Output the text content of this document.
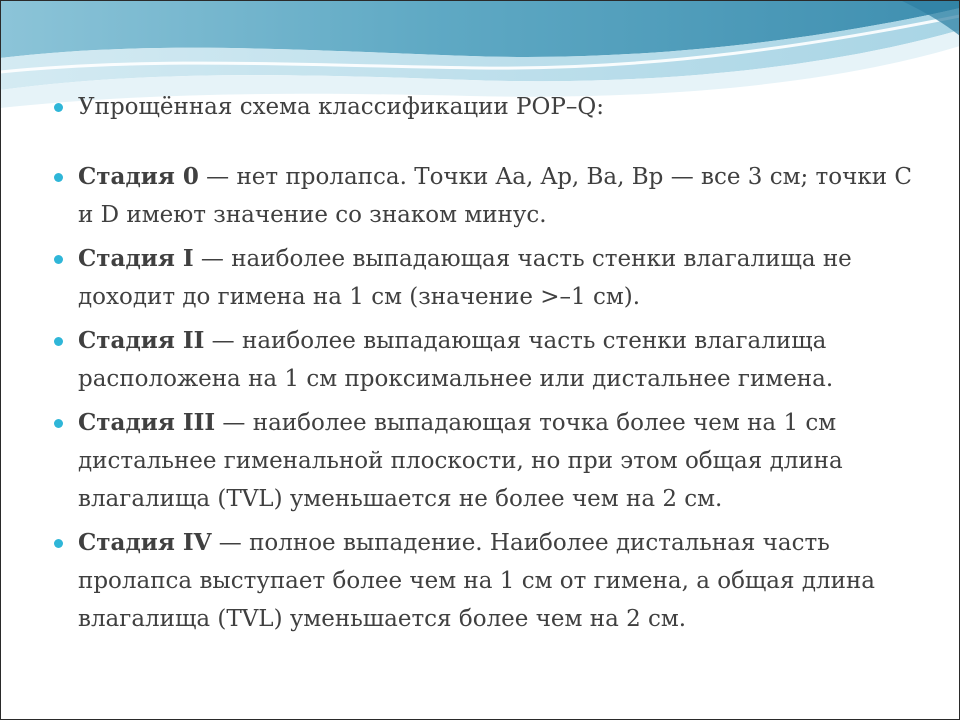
Упрощённая схема классификации POP–Q:
Стадия 0 — нет пролапса. Точки Aa, Ap, Ba, Bp — все 3 см; точки C и D имеют значение со знаком минус.
Стадия I — наиболее выпадающая часть стенки влагалища не доходит до гимена на 1 см (значение >–1 см).
Стадия II — наиболее выпадающая часть стенки влагалища расположена на 1 см проксимальнее или дистальнее гимена.
Стадия III — наиболее выпадающая точка более чем на 1 см дистальнее гименальной плоскости, но при этом общая длина влагалища (TVL) уменьшается не более чем на 2 см.
Стадия IV — полное выпадение. Наиболее дистальная часть пролапса выступает более чем на 1 см от гимена, а общая длина влагалища (TVL) уменьшается более чем на 2 см.
